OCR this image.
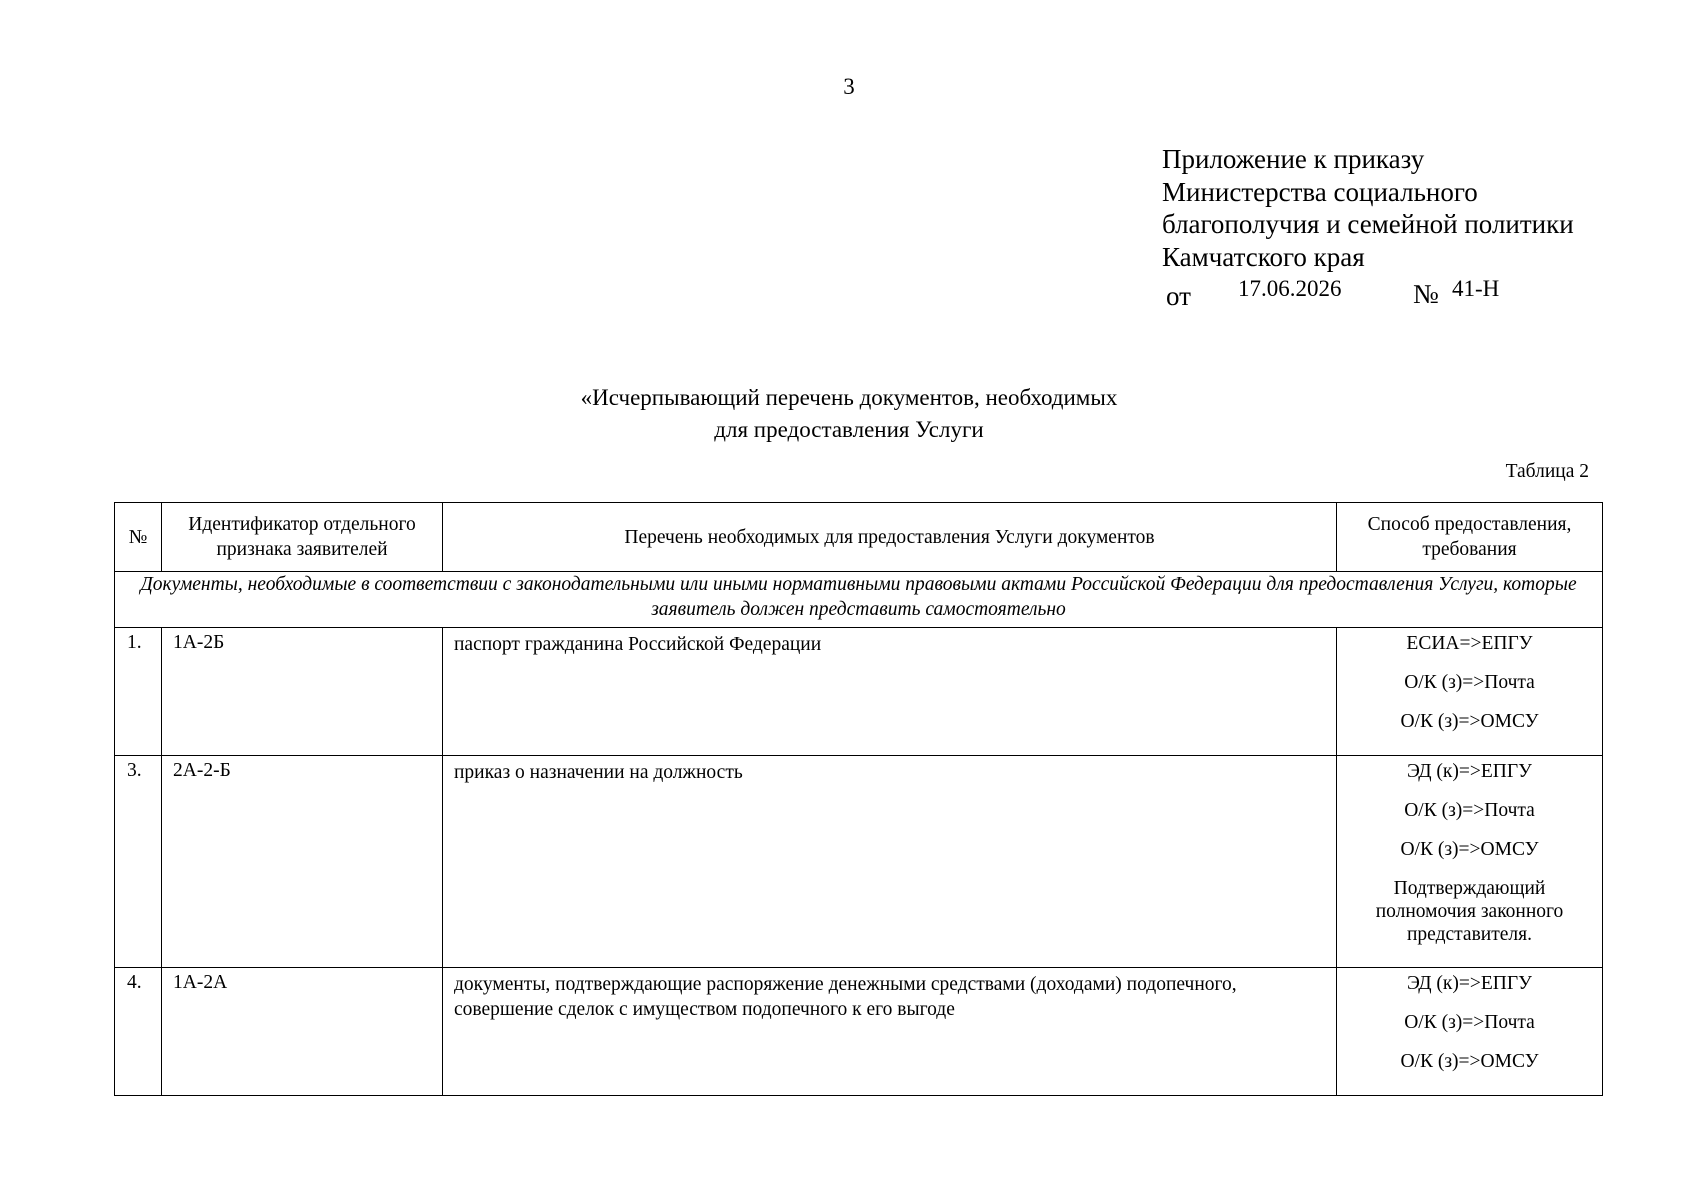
3
Приложение к приказу
Министерства социального
благополучия и семейной политики
Камчатского края
от 17.06.2026	№ 41-Н
«Исчерпывающий перечень документов, необходимых
для предоставления Услуги
Таблица 2
№	Идентификатор отдельного признака заявителей	Перечень необходимых для предоставления Услуги документов	Способ предоставления, требования
Документы, необходимые в соответствии с законодательными или иными нормативными правовыми актами Российской Федерации для предоставления Услуги, которые заявитель должен представить самостоятельно			
1.	1А-2Б	паспорт гражданина Российской Федерации	ЕСИА=>ЕПГУ
О/К (з)=>Почта
О/К (з)=>ОМСУ

3.	2А-2-Б	приказ о назначении на должность	ЭД (к)=>ЕПГУ
О/К (з)=>Почта
О/К (з)=>ОМСУ
Подтверждающий полномочия законного представителя.

4.	1А-2А	документы, подтверждающие распоряжение денежными средствами (доходами) подопечного, совершение сделок с имуществом подопечного к его выгоде	ЭД (к)=>ЕПГУ
О/К (з)=>Почта
О/К (з)=>ОМСУ
